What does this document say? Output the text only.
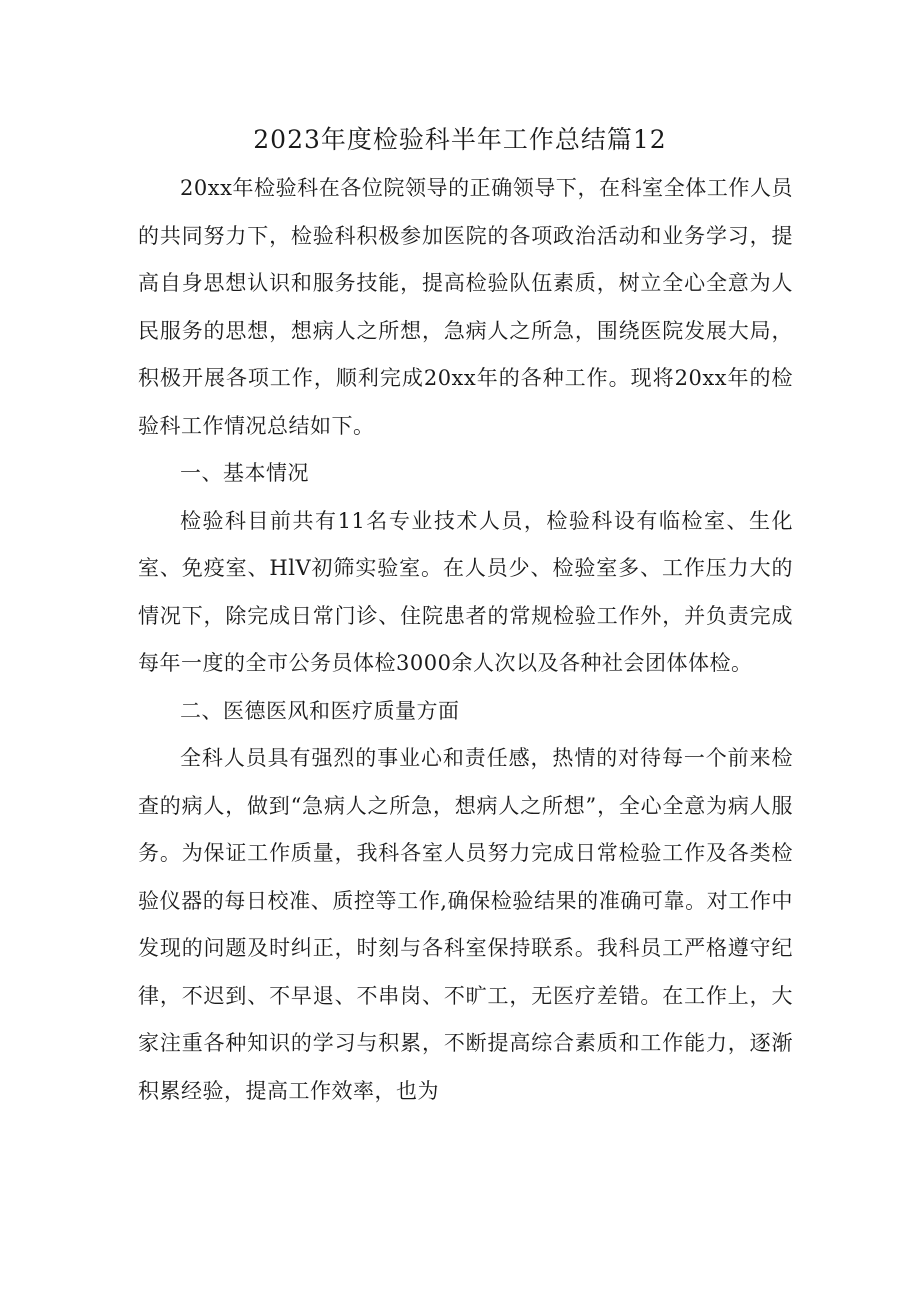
2023年度检验科半年工作总结篇12

20xx年检验科在各位院领导的正确领导下，在科室全体工作人员的共同努力下，检验科积极参加医院的各项政治活动和业务学习，提高自身思想认识和服务技能，提高检验队伍素质，树立全心全意为人民服务的思想，想病人之所想，急病人之所急，围绕医院发展大局，积极开展各项工作，顺利完成20xx年的各种工作。现将20xx年的检验科工作情况总结如下。

一、基本情况

检验科目前共有11名专业技术人员，检验科设有临检室、生化室、免疫室、HlV初筛实验室。在人员少、检验室多、工作压力大的情况下，除完成日常门诊、住院患者的常规检验工作外，并负责完成每年一度的全市公务员体检3000余人次以及各种社会团体体检。

二、医德医风和医疗质量方面

全科人员具有强烈的事业心和责任感，热情的对待每一个前来检查的病人，做到“急病人之所急，想病人之所想”，全心全意为病人服务。为保证工作质量，我科各室人员努力完成日常检验工作及各类检验仪器的每日校准、质控等工作,确保检验结果的准确可靠。对工作中发现的问题及时纠正，时刻与各科室保持联系。我科员工严格遵守纪律，不迟到、不早退、不串岗、不旷工，无医疗差错。在工作上，大家注重各种知识的学习与积累，不断提高综合素质和工作能力，逐渐积累经验，提高工作效率，也为
